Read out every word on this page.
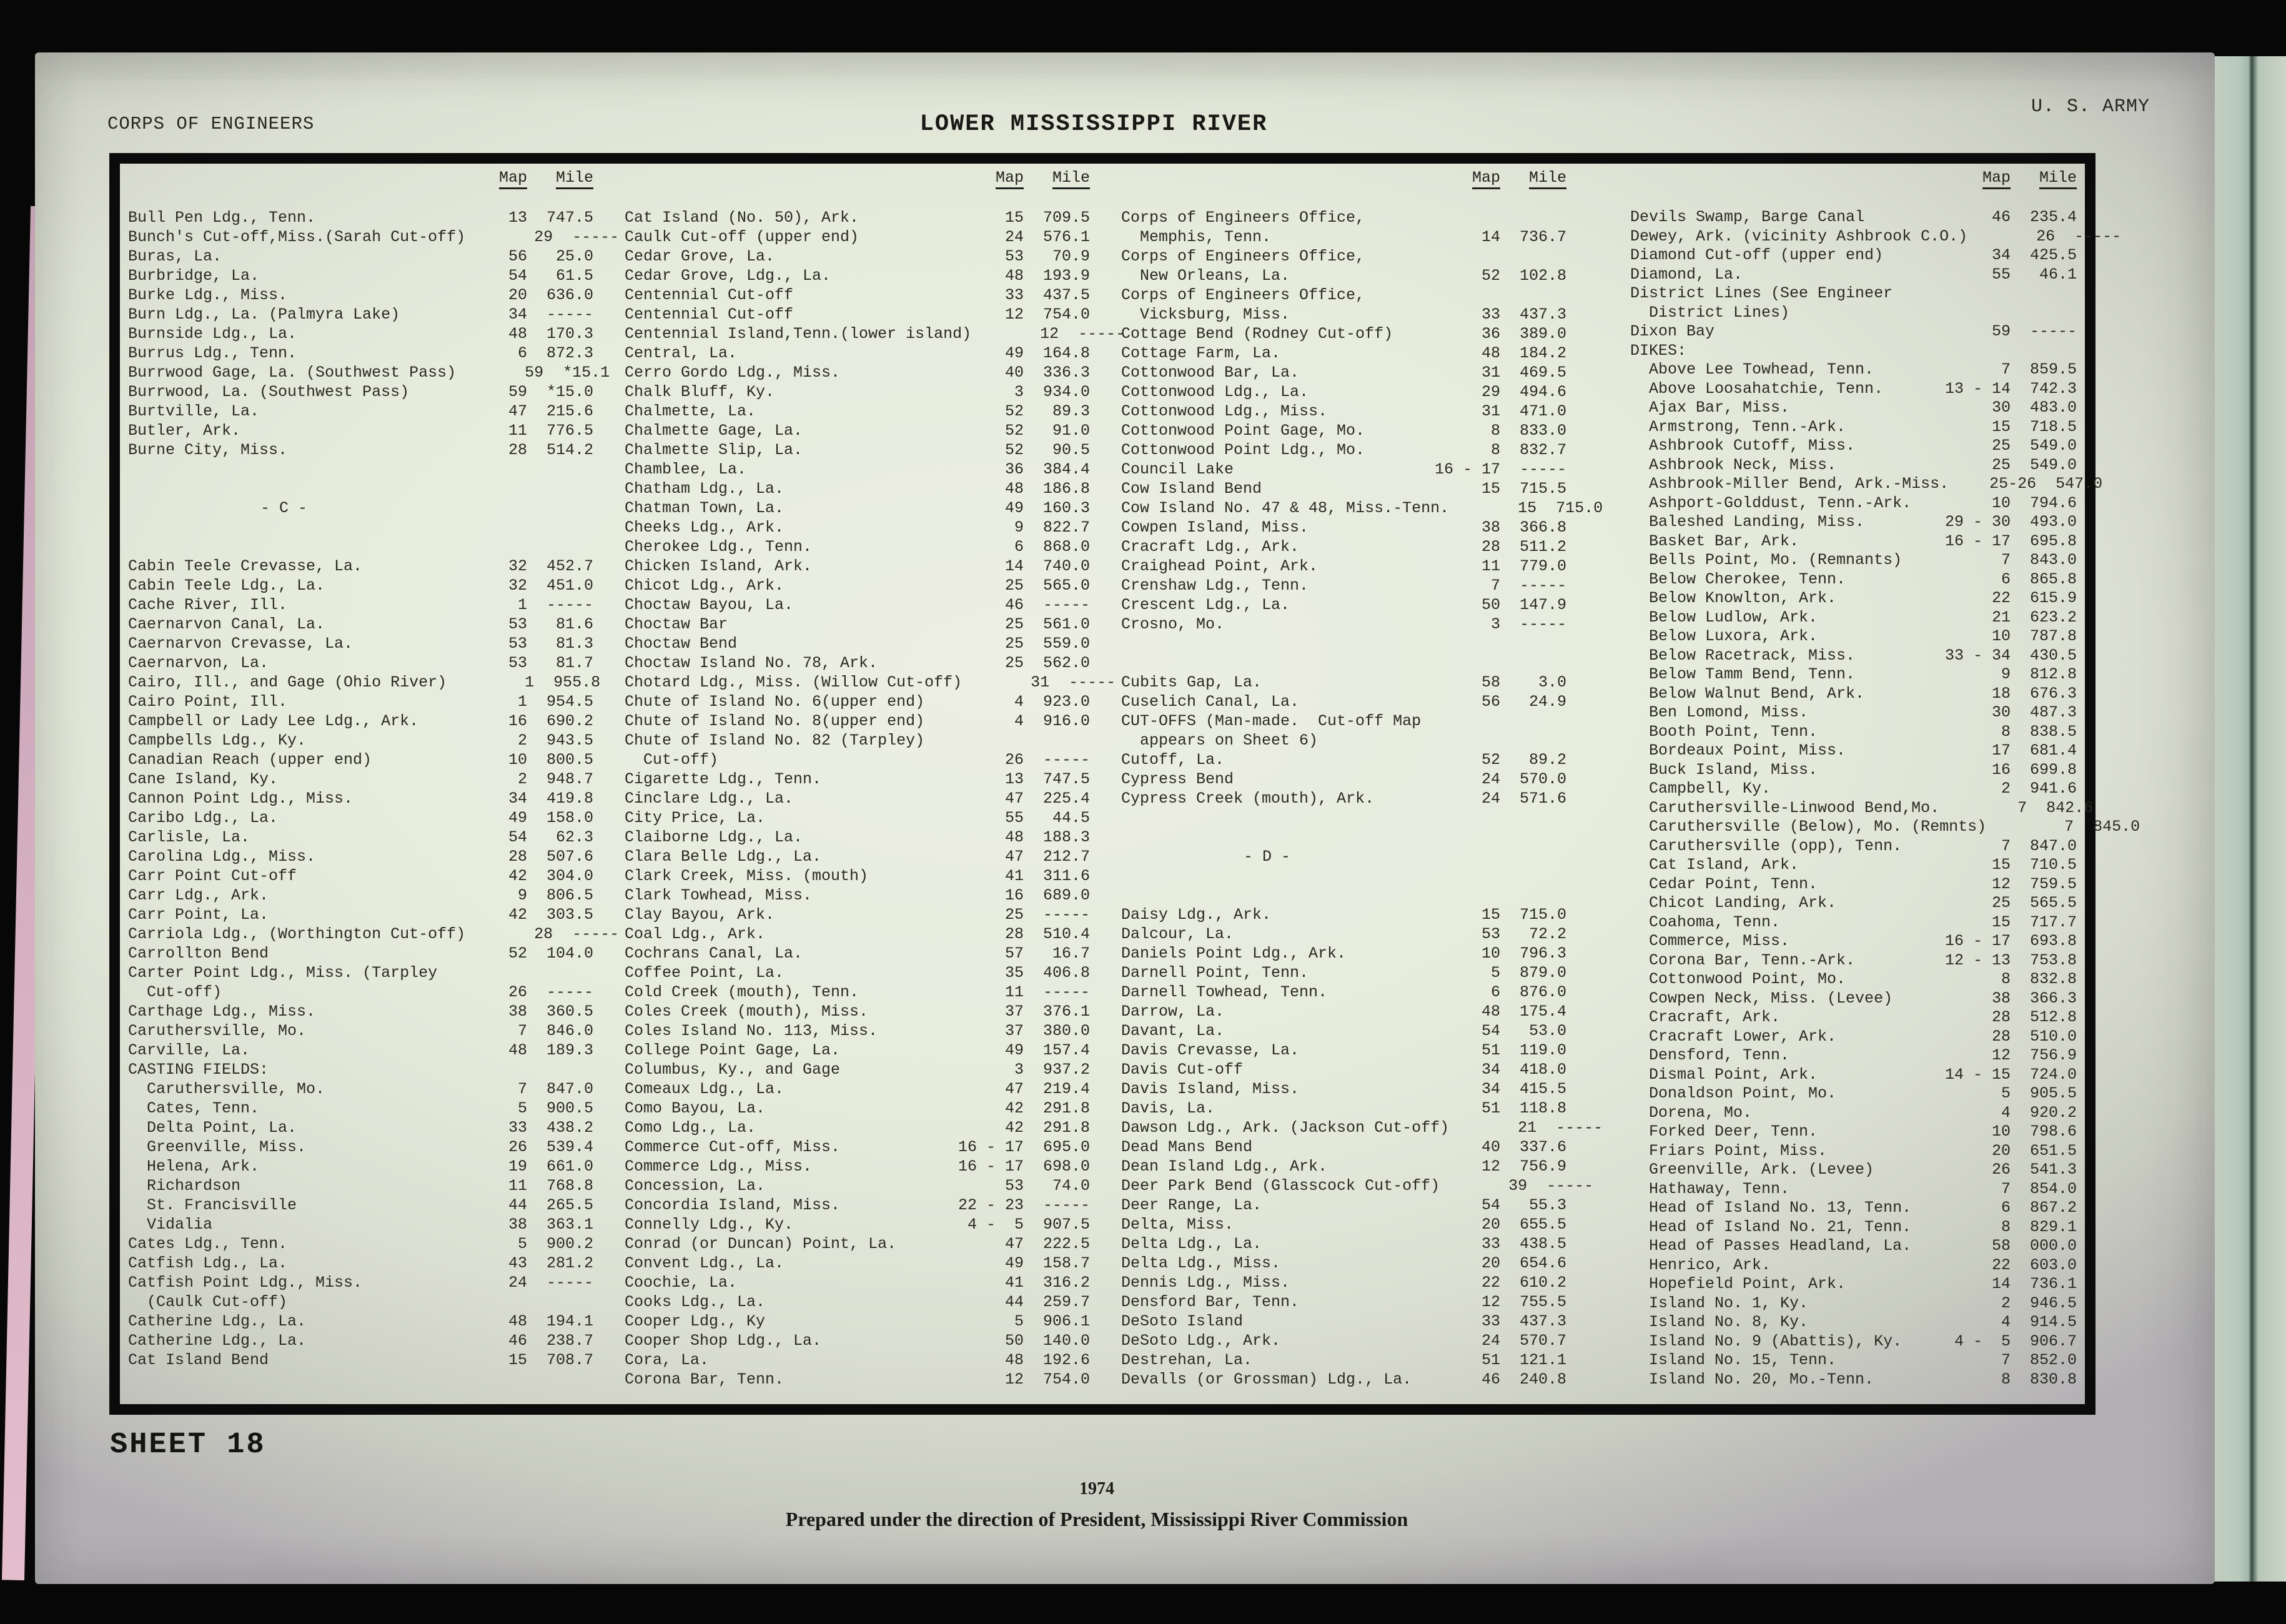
CORPS OF ENGINEERS	LOWER MISSISSIPPI RIVER
U. S. ARMY
Map	Mile
Bull Pen Ldg., Tenn.	13	747.5
Bunch's Cut-off,Miss.(Sarah Cut-off)	29	-----
Buras, La.	56	25.0
Burbridge, La.	54	61.5
Burke Ldg., Miss.	20	636.0
Burn Ldg., La. (Palmyra Lake)	34	-----
Burnside Ldg., La.	48	170.3
Burrus Ldg., Tenn.	6	872.3
Burrwood Gage, La. (Southwest Pass)	59	*15.1
Burrwood, La. (Southwest Pass)	59	*15.0
Burtville, La.	47	215.6
Butler, Ark.	11	776.5
Burne City, Miss.	28	514.2
- C -
Cabin Teele Crevasse, La.	32	452.7
Cabin Teele Ldg., La.	32	451.0
Cache River, Ill.	1	-----
Caernarvon Canal, La.	53	81.6
Caernarvon Crevasse, La.	53	81.3
Caernarvon, La.	53	81.7
Cairo, Ill., and Gage (Ohio River)	1	955.8
Cairo Point, Ill.	1	954.5
Campbell or Lady Lee Ldg., Ark.	16	690.2
Campbells Ldg., Ky.	2	943.5
Canadian Reach (upper end)	10	800.5
Cane Island, Ky.	2	948.7
Cannon Point Ldg., Miss.	34	419.8
Caribo Ldg., La.	49	158.0
Carlisle, La.	54	62.3
Carolina Ldg., Miss.	28	507.6
Carr Point Cut-off	42	304.0
Carr Ldg., Ark.	9	806.5
Carr Point, La.	42	303.5
Carriola Ldg., (Worthington Cut-off)	28	-----
Carrollton Bend	52	104.0
Carter Point Ldg., Miss. (Tarpley
Cut-off)	26	-----
Carthage Ldg., Miss.	38	360.5
Caruthersville, Mo.	7	846.0
Carville, La.	48	189.3
CASTING FIELDS:
Caruthersville, Mo.	7	847.0
Cates, Tenn.	5	900.5
Delta Point, La.	33	438.2
Greenville, Miss.	26	539.4
Helena, Ark.	19	661.0
Richardson	11	768.8
St. Francisville	44	265.5
Vidalia	38	363.1
Cates Ldg., Tenn.	5	900.2
Catfish Ldg., La.	43	281.2
Catfish Point Ldg., Miss.	24	-----
(Caulk Cut-off)
Catherine Ldg., La.	48	194.1
Catherine Ldg., La.	46	238.7
Cat Island Bend	15	708.7
Map	Mile
Cat Island (No. 50), Ark.	15	709.5
Caulk Cut-off (upper end)	24	576.1
Cedar Grove, La.	53	70.9
Cedar Grove, Ldg., La.	48	193.9
Centennial Cut-off	33	437.5
Centennial Cut-off	12	754.0
Centennial Island,Tenn.(lower island)	12	-----
Central, La.	49	164.8
Cerro Gordo Ldg., Miss.	40	336.3
Chalk Bluff, Ky.	3	934.0
Chalmette, La.	52	89.3
Chalmette Gage, La.	52	91.0
Chalmette Slip, La.	52	90.5
Chamblee, La.	36	384.4
Chatham Ldg., La.	48	186.8
Chatman Town, La.	49	160.3
Cheeks Ldg., Ark.	9	822.7
Cherokee Ldg., Tenn.	6	868.0
Chicken Island, Ark.	14	740.0
Chicot Ldg., Ark.	25	565.0
Choctaw Bayou, La.	46	-----
Choctaw Bar	25	561.0
Choctaw Bend	25	559.0
Choctaw Island No. 78, Ark.	25	562.0
Chotard Ldg., Miss. (Willow Cut-off)	31	-----
Chute of Island No. 6(upper end)	4	923.0
Chute of Island No. 8(upper end)	4	916.0
Chute of Island No. 82 (Tarpley)
Cut-off)	26	-----
Cigarette Ldg., Tenn.	13	747.5
Cinclare Ldg., La.	47	225.4
City Price, La.	55	44.5
Claiborne Ldg., La.	48	188.3
Clara Belle Ldg., La.	47	212.7
Clark Creek, Miss. (mouth)	41	311.6
Clark Towhead, Miss.	16	689.0
Clay Bayou, Ark.	25	-----
Coal Ldg., Ark.	28	510.4
Cochrans Canal, La.	57	16.7
Coffee Point, La.	35	406.8
Cold Creek (mouth), Tenn.	11	-----
Coles Creek (mouth), Miss.	37	376.1
Coles Island No. 113, Miss.	37	380.0
College Point Gage, La.	49	157.4
Columbus, Ky., and Gage	3	937.2
Comeaux Ldg., La.	47	219.4
Como Bayou, La.	42	291.8
Como Ldg., La.	42	291.8
Commerce Cut-off, Miss.	16 - 17	695.0
Commerce Ldg., Miss.	16 - 17	698.0
Concession, La.	53	74.0
Concordia Island, Miss.	22 - 23	-----
Connelly Ldg., Ky.	4 -  5	907.5
Conrad (or Duncan) Point, La.	47	222.5
Convent Ldg., La.	49	158.7
Coochie, La.	41	316.2
Cooks Ldg., La.	44	259.7
Cooper Ldg., Ky	5	906.1
Cooper Shop Ldg., La.	50	140.0
Cora, La.	48	192.6
Corona Bar, Tenn.	12	754.0
Map	Mile
Corps of Engineers Office,
Memphis, Tenn.	14	736.7
Corps of Engineers Office,
New Orleans, La.	52	102.8
Corps of Engineers Office,
Vicksburg, Miss.	33	437.3
Cottage Bend (Rodney Cut-off)	36	389.0
Cottage Farm, La.	48	184.2
Cottonwood Bar, La.	31	469.5
Cottonwood Ldg., La.	29	494.6
Cottonwood Ldg., Miss.	31	471.0
Cottonwood Point Gage, Mo.	8	833.0
Cottonwood Point Ldg., Mo.	8	832.7
Council Lake	16 - 17	-----
Cow Island Bend	15	715.5
Cow Island No. 47 & 48, Miss.-Tenn.	15	715.0
Cowpen Island, Miss.	38	366.8
Cracraft Ldg., Ark.	28	511.2
Craighead Point, Ark.	11	779.0
Crenshaw Ldg., Tenn.	7	-----
Crescent Ldg., La.	50	147.9
Crosno, Mo.	3	-----
Cubits Gap, La.	58	3.0
Cuselich Canal, La.	56	24.9
CUT-OFFS (Man-made.  Cut-off Map
appears on Sheet 6)
Cutoff, La.	52	89.2
Cypress Bend	24	570.0
Cypress Creek (mouth), Ark.	24	571.6
- D -
Daisy Ldg., Ark.	15	715.0
Dalcour, La.	53	72.2
Daniels Point Ldg., Ark.	10	796.3
Darnell Point, Tenn.	5	879.0
Darnell Towhead, Tenn.	6	876.0
Darrow, La.	48	175.4
Davant, La.	54	53.0
Davis Crevasse, La.	51	119.0
Davis Cut-off	34	418.0
Davis Island, Miss.	34	415.5
Davis, La.	51	118.8
Dawson Ldg., Ark. (Jackson Cut-off)	21	-----
Dead Mans Bend	40	337.6
Dean Island Ldg., Ark.	12	756.9
Deer Park Bend (Glasscock Cut-off)	39	-----
Deer Range, La.	54	55.3
Delta, Miss.	20	655.5
Delta Ldg., La.	33	438.5
Delta Ldg., Miss.	20	654.6
Dennis Ldg., Miss.	22	610.2
Densford Bar, Tenn.	12	755.5
DeSoto Island	33	437.3
DeSoto Ldg., Ark.	24	570.7
Destrehan, La.	51	121.1
Devalls (or Grossman) Ldg., La.	46	240.8
Map	Mile
Devils Swamp, Barge Canal	46	235.4
Dewey, Ark. (vicinity Ashbrook C.O.)	26	-----
Diamond Cut-off (upper end)	34	425.5
Diamond, La.	55	46.1
District Lines (See Engineer
District Lines)
Dixon Bay	59	-----
DIKES:
Above Lee Towhead, Tenn.	7	859.5
Above Loosahatchie, Tenn.	13 - 14	742.3
Ajax Bar, Miss.	30	483.0
Armstrong, Tenn.-Ark.	15	718.5
Ashbrook Cutoff, Miss.	25	549.0
Ashbrook Neck, Miss.	25	549.0
Ashbrook-Miller Bend, Ark.-Miss.	25-26	547.0
Ashport-Golddust, Tenn.-Ark.	10	794.6
Baleshed Landing, Miss.	29 - 30	493.0
Basket Bar, Ark.	16 - 17	695.8
Bells Point, Mo. (Remnants)	7	843.0
Below Cherokee, Tenn.	6	865.8
Below Knowlton, Ark.	22	615.9
Below Ludlow, Ark.	21	623.2
Below Luxora, Ark.	10	787.8
Below Racetrack, Miss.	33 - 34	430.5
Below Tamm Bend, Tenn.	9	812.8
Below Walnut Bend, Ark.	18	676.3
Ben Lomond, Miss.	30	487.3
Booth Point, Tenn.	8	838.5
Bordeaux Point, Miss.	17	681.4
Buck Island, Miss.	16	699.8
Campbell, Ky.	2	941.6
Caruthersville-Linwood Bend,Mo.	7	842.6
Caruthersville (Below), Mo. (Remnts)	7	845.0
Caruthersville (opp), Tenn.	7	847.0
Cat Island, Ark.	15	710.5
Cedar Point, Tenn.	12	759.5
Chicot Landing, Ark.	25	565.5
Coahoma, Tenn.	15	717.7
Commerce, Miss.	16 - 17	693.8
Corona Bar, Tenn.-Ark.	12 - 13	753.8
Cottonwood Point, Mo.	8	832.8
Cowpen Neck, Miss. (Levee)	38	366.3
Cracraft, Ark.	28	512.8
Cracraft Lower, Ark.	28	510.0
Densford, Tenn.	12	756.9
Dismal Point, Ark.	14 - 15	724.0
Donaldson Point, Mo.	5	905.5
Dorena, Mo.	4	920.2
Forked Deer, Tenn.	10	798.6
Friars Point, Miss.	20	651.5
Greenville, Ark. (Levee)	26	541.3
Hathaway, Tenn.	7	854.0
Head of Island No. 13, Tenn.	6	867.2
Head of Island No. 21, Tenn.	8	829.1
Head of Passes Headland, La.	58	000.0
Henrico, Ark.	22	603.0
Hopefield Point, Ark.	14	736.1
Island No. 1, Ky.	2	946.5
Island No. 8, Ky.	4	914.5
Island No. 9 (Abattis), Ky.	4 -  5	906.7
Island No. 15, Tenn.	7	852.0
Island No. 20, Mo.-Tenn.	8	830.8
SHEET 18
1974
Prepared under the direction of President, Mississippi River Commission
